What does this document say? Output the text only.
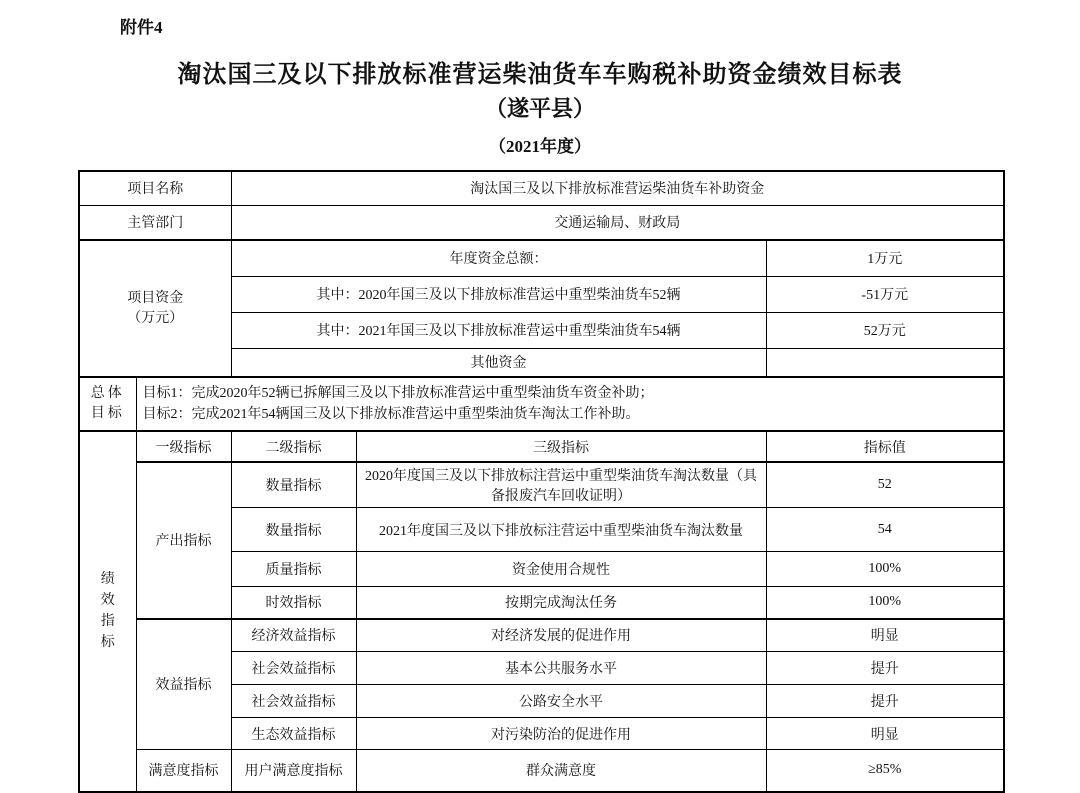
附件4
淘汰国三及以下排放标准营运柴油货车车购税补助资金绩效目标表
（遂平县）
（2021年度）
项目名称		淘汰国三及以下排放标准营运柴油货车补助资金		
主管部门		交通运输局、财政局		

项目资金
（万元）		年度资金总额：		1万元
		其中：2020年国三及以下排放标准营运中重型柴油货车52辆		-51万元
		其中：2021年国三及以下排放标准营运中重型柴油货车54辆		52万元
		其他资金		

总体
目标

目标1：完成2020年52辆已拆解国三及以下排放标准营运中重型柴油货车资金补助；
目标2：完成2021年54辆国三及以下排放标准营运中重型柴油货车淘汰工作补助。

绩
效
指
标	一级指标	二级指标	三级指标	指标值
	产出指标	数量指标	2020年度国三及以下排放标注营运中重型柴油货车淘汰数量（具备报废汽车回收证明）	52
		数量指标	2021年度国三及以下排放标注营运中重型柴油货车淘汰数量	54
		质量指标	资金使用合规性	100%
		时效指标	按期完成淘汰任务	100%
	效益指标	经济效益指标	对经济发展的促进作用	明显
		社会效益指标	基本公共服务水平	提升
		社会效益指标	公路安全水平	提升
		生态效益指标	对污染防治的促进作用	明显
	满意度指标	用户满意度指标	群众满意度	≥85%
